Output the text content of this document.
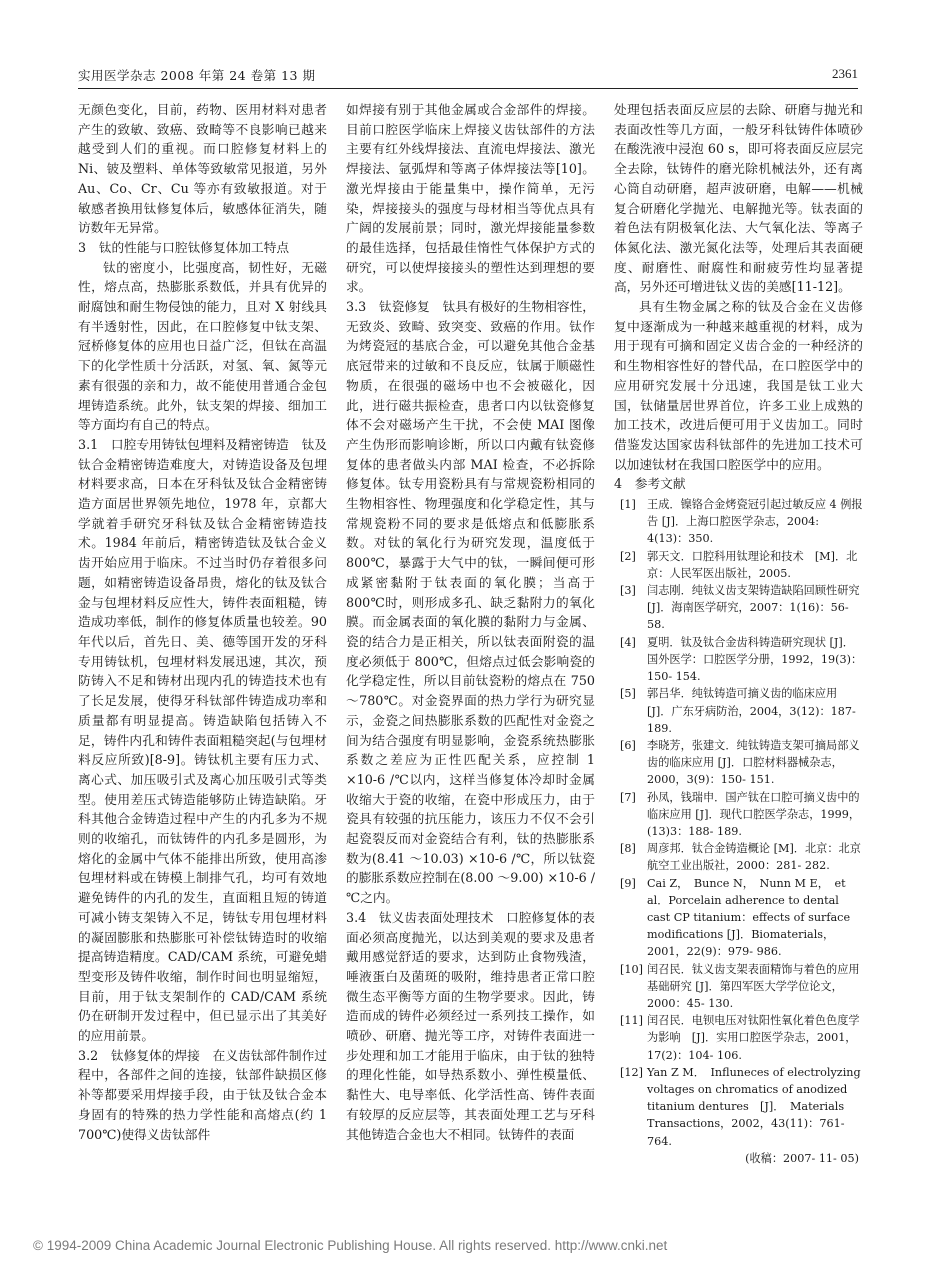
实用医学杂志 2008 年第 24 卷第 13 期	2361

无颜色变化，目前，药物、医用材料对患者产生的致敏、致癌、致畸等不良影响已越来越受到人们的重视。而口腔修复材料上的 Ni、铍及塑料、单体等致敏常见报道，另外 Au、Co、Cr、Cu 等亦有致敏报道。对于敏感者换用钛修复体后，敏感体征消失，随访数年无异常。

3　钛的性能与口腔钛修复体加工特点

钛的密度小，比强度高，韧性好，无磁性，熔点高，热膨胀系数低，并具有优异的耐腐蚀和耐生物侵蚀的能力，且对 X 射线具有半透射性，因此，在口腔修复中钛支架、冠桥修复体的应用也日益广泛，但钛在高温下的化学性质十分活跃，对氢、氧、氮等元素有很强的亲和力，故不能使用普通合金包埋铸造系统。此外，钛支架的焊接、细加工等方面均有自己的特点。

3.1　口腔专用铸钛包埋料及精密铸造　钛及钛合金精密铸造难度大，对铸造设备及包埋材料要求高，日本在牙科钛及钛合金精密铸造方面居世界领先地位，1978 年，京都大学就着手研究牙科钛及钛合金精密铸造技术。1984 年前后，精密铸造钛及钛合金义齿开始应用于临床。不过当时仍存着很多问题，如精密铸造设备昂贵，熔化的钛及钛合金与包埋材料反应性大，铸件表面粗糙，铸造成功率低，制作的修复体质量也较差。90 年代以后，首先日、美、德等国开发的牙科专用铸钛机，包埋材料发展迅速，其次，预防铸入不足和铸材出现内孔的铸造技术也有了长足发展，使得牙科钛部件铸造成功率和质量都有明显提高。铸造缺陷包括铸入不足，铸件内孔和铸件表面粗糙突起(与包埋材料反应所致)[8-9]。铸钛机主要有压力式、离心式、加压吸引式及离心加压吸引式等类型。使用差压式铸造能够防止铸造缺陷。牙科其他合金铸造过程中产生的内孔多为不规则的收缩孔，而钛铸件的内孔多是圆形，为熔化的金属中气体不能排出所致，使用高渗包埋材料或在铸模上制排气孔，均可有效地避免铸件的内孔的发生，直面粗且短的铸道可减小铸支架铸入不足，铸钛专用包埋材料的凝固膨胀和热膨胀可补偿钛铸造时的收缩提高铸造精度。CAD/CAM 系统，可避免蜡型变形及铸件收缩，制作时间也明显缩短，目前，用于钛支架制作的 CAD/CAM 系统仍在研制开发过程中，但已显示出了其美好的应用前景。

3.2　钛修复体的焊接　在义齿钛部件制作过程中，各部件之间的连接，钛部件缺损区修补等都要采用焊接手段，由于钛及钛合金本身固有的特殊的热力学性能和高熔点(约 1 700℃)使得义齿钛部件

如焊接有别于其他金属或合金部件的焊接。目前口腔医学临床上焊接义齿钛部件的方法主要有红外线焊接法、直流电焊接法、激光焊接法、氩弧焊和等离子体焊接法等[10]。激光焊接由于能量集中，操作简单，无污染，焊接接头的强度与母材相当等优点具有广阔的发展前景；同时，激光焊接能量参数的最佳选择，包括最佳惰性气体保护方式的研究，可以使焊接接头的塑性达到理想的要求。

3.3　钛瓷修复　钛具有极好的生物相容性，无致炎、致畸、致突变、致癌的作用。钛作为烤瓷冠的基底合金，可以避免其他合金基底冠带来的过敏和不良反应，钛属于顺磁性物质，在很强的磁场中也不会被磁化，因此，进行磁共振检查，患者口内以钛瓷修复体不会对磁场产生干扰，不会使 MAI 图像产生伪形而影响诊断，所以口内戴有钛瓷修复体的患者做头内部 MAI 检查，不必拆除修复体。钛专用瓷粉具有与常规瓷粉相同的生物相容性、物理强度和化学稳定性，其与常规瓷粉不同的要求是低熔点和低膨胀系数。对钛的氧化行为研究发现，温度低于 800℃，暴露于大气中的钛，一瞬间便可形成紧密黏附于钛表面的氧化膜；当高于 800℃时，则形成多孔、缺乏黏附力的氧化膜。而金属表面的氧化膜的黏附力与金属、瓷的结合力是正相关，所以钛表面附瓷的温度必须低于 800℃，但熔点过低会影响瓷的化学稳定性，所以目前钛瓷粉的熔点在 750 ～780℃。对金瓷界面的热力学行为研究显示，金瓷之间热膨胀系数的匹配性对金瓷之间为结合强度有明显影响，金瓷系统热膨胀系数之差应为正性匹配关系，应控制 1 ×10-6 /℃以内，这样当修复体冷却时金属收缩大于瓷的收缩，在瓷中形成压力，由于瓷具有较强的抗压能力，该压力不仅不会引起瓷裂反而对金瓷结合有利，钛的热膨胀系数为(8.41 ～10.03) ×10-6 /℃，所以钛瓷的膨胀系数应控制在(8.00 ～9.00) ×10-6 /℃之内。

3.4　钛义齿表面处理技术　口腔修复体的表面必须高度抛光，以达到美观的要求及患者戴用感觉舒适的要求，达到防止食物残渣，唾液蛋白及菌斑的吸附，维持患者正常口腔微生态平衡等方面的生物学要求。因此，铸造而成的铸件必须经过一系列技工操作，如喷砂、研磨、抛光等工序，对铸件表面进一步处理和加工才能用于临床，由于钛的独特的理化性能，如导热系数小、弹性模量低、黏性大、电导率低、化学活性高、铸件表面有较厚的反应层等，其表面处理工艺与牙科其他铸造合金也大不相同。钛铸件的表面

处理包括表面反应层的去除、研磨与抛光和表面改性等几方面，一般牙科钛铸件体喷砂在酸洗液中浸泡 60 s，即可将表面反应层完全去除，钛铸件的磨光除机械法外，还有离心筒自动研磨，超声波研磨，电解——机械复合研磨化学抛光、电解抛光等。钛表面的着色法有阴极氧化法、大气氧化法、等离子体氮化法、激光氮化法等，处理后其表面硬度、耐磨性、耐腐性和耐疲劳性均显著提高，另外还可增进钛义齿的美感[11-12]。

具有生物金属之称的钛及合金在义齿修复中逐渐成为一种越来越重视的材料，成为用于现有可摘和固定义齿合金的一种经济的和生物相容性好的替代品，在口腔医学中的应用研究发展十分迅速，我国是钛工业大国，钛储量居世界首位，许多工业上成熟的加工技术，改进后便可用于义齿加工。同时借鉴发达国家齿科钛部件的先进加工技术可以加速钛材在我国口腔医学中的应用。

4　参考文献

[1] 王成．镍铬合金烤瓷冠引起过敏反应 4 例报告 [J]．上海口腔医学杂志，2004: 4(13)：350.
[2] 郭天文．口腔科用钛理论和技术　[M]．北京：人民军医出版社，2005.
[3] 闫志刚．纯钛义齿支架铸造缺陷回顾性研究 [J]．海南医学研究，2007：1(16)：56- 58.
[4] 夏明．钛及钛合金齿科铸造研究现状 [J]．国外医学：口腔医学分册，1992，19(3)：150- 154.
[5] 郭吕华．纯钛铸造可摘义齿的临床应用 [J]．广东牙病防治，2004，3(12)：187- 189.
[6] 李晓芳，张建文．纯钛铸造支架可摘局部义齿的临床应用 [J]．口腔材料器械杂志，2000，3(9)：150- 151.
[7] 孙凤，钱瑞申．国产钛在口腔可摘义齿中的临床应用 [J]．现代口腔医学杂志，1999，(13)3：188- 189.
[8] 周彦邦．钛合金铸造概论 [M]．北京：北京航空工业出版社，2000：281- 282.
[9] Cai Z，　Bunce N，　Nunn M E，　et al．Porcelain adherence to dental cast CP titanium：effects of surface modifications [J]．Biomaterials，2001，22(9)：979- 986.
[10] 闰召民．钛义齿支架表面精饰与着色的应用基础研究 [J]．第四军医大学学位论文，2000：45- 130.
[11] 闰召民．电钡电压对钛阳性氧化着色色度学为影响　[J]．实用口腔医学杂志，2001，17(2)：104- 106.
[12] Yan Z M．　Influneces of electrolyzing voltages on chromatics of anodized titanium dentures　[J]．　Materials Transactions，2002，43(11)：761- 764.
(收稿：2007- 11- 05)
© 1994-2009 China Academic Journal Electronic Publishing House. All rights reserved. http://www.cnki.net
